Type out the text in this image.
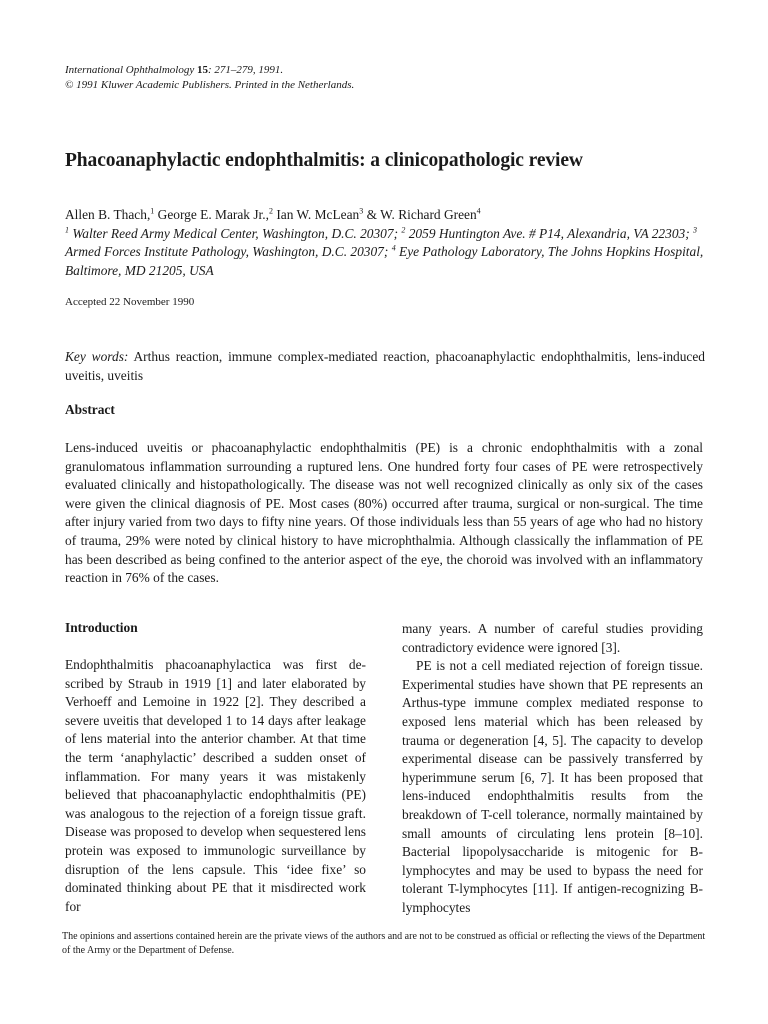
International Ophthalmology 15: 271–279, 1991.
© 1991 Kluwer Academic Publishers. Printed in the Netherlands.
Phacoanaphylactic endophthalmitis: a clinicopathologic review
Allen B. Thach,$^1$ George E. Marak Jr.,$^2$ Ian W. McLean$^3$ & W. Richard Green$^4$
$^1$ Walter Reed Army Medical Center, Washington, D.C. 20307; $^2$ 2059 Huntington Ave. # P14, Alexandria, VA 22303; $^3$ Armed Forces Institute Pathology, Washington, D.C. 20307; $^4$ Eye Pathology Laboratory, The Johns Hopkins Hospital, Baltimore, MD 21205, USA
Accepted 22 November 1990
Key words: Arthus reaction, immune complex-mediated reaction, phacoanaphylactic endophthalmitis, lens-induced uveitis, uveitis
Abstract
Lens-induced uveitis or phacoanaphylactic endophthalmitis (PE) is a chronic endophthalmitis with a zonal granulomatous inflammation surrounding a ruptured lens. One hundred forty four cases of PE were retrospectively evaluated clinically and histopathologically. The disease was not well recognized clinically as only six of the cases were given the clinical diagnosis of PE. Most cases (80%) occurred after trauma, surgical or non-surgical. The time after injury varied from two days to fifty nine years. Of those individuals less than 55 years of age who had no history of trauma, 29% were noted by clinical history to have microphthalmia. Although classically the inflammation of PE has been described as being confined to the anterior aspect of the eye, the choroid was involved with an inflammatory reaction in 76% of the cases.
Introduction

Endophthalmitis phacoanaphylactica was first described by Straub in 1919 [1] and later elaborated by Verhoeff and Lemoine in 1922 [2]. They described a severe uveitis that developed 1 to 14 days after leakage of lens material into the anterior chamber. At that time the term ‘anaphylactic’ described a sudden onset of inflammation. For many years it was mistakenly believed that phacoanaphylactic endophthalmitis (PE) was analogous to the rejection of a foreign tissue graft. Disease was proposed to develop when sequestered lens protein was exposed to immunologic surveillance by disruption of the lens capsule. This ‘idee fixe’ so dominated thinking about PE that it misdirected work for

many years. A number of careful studies providing contradictory evidence were ignored [3].

PE is not a cell mediated rejection of foreign tissue. Experimental studies have shown that PE represents an Arthus-type immune complex mediated response to exposed lens material which has been released by trauma or degeneration [4, 5]. The capacity to develop experimental disease can be passively transferred by hyperimmune serum [6, 7]. It has been proposed that lens-induced endophthalmitis results from the breakdown of T-cell tolerance, normally maintained by small amounts of circulating lens protein [8–10]. Bacterial lipopolysaccharide is mitogenic for B-lymphocytes and may be used to bypass the need for tolerant T-lymphocytes [11]. If antigen-recognizing B-lymphocytes

The opinions and assertions contained herein are the private views of the authors and are not to be construed as official or reflecting the views of the Department of the Army or the Department of Defense.
